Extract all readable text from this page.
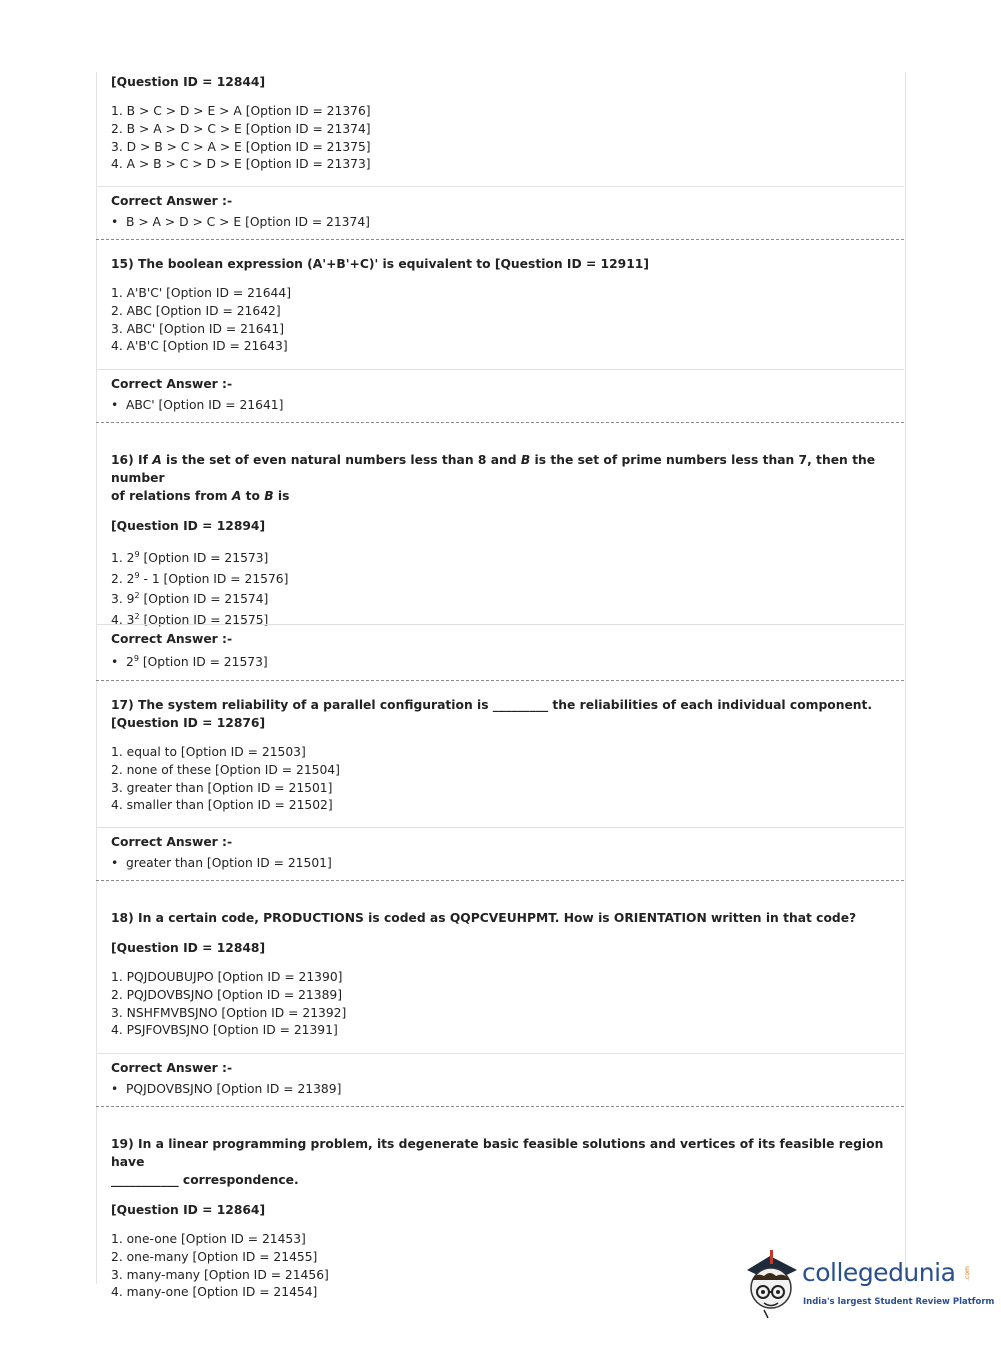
[Question ID = 12844]

1. B > C > D > E > A [Option ID = 21376]
2. B > A > D > C > E [Option ID = 21374]
3. D > B > C > A > E [Option ID = 21375]
4. A > B > C > D > E [Option ID = 21373]

Correct Answer :-

• B > A > D > C > E [Option ID = 21374]

15) The boolean expression (A'+B'+C)' is equivalent to [Question ID = 12911]

1. A'B'C' [Option ID = 21644]
2. ABC [Option ID = 21642]
3. ABC' [Option ID = 21641]
4. A'B'C [Option ID = 21643]

Correct Answer :-

• ABC' [Option ID = 21641]

16) If A is the set of even natural numbers less than 8 and B is the set of prime numbers less than 7, then the number
of relations from A to B is

[Question ID = 12894]

1. $2^9$ [Option ID = 21573]
2. $2^9 - 1$ [Option ID = 21576]
3. $9^2$ [Option ID = 21574]
4. $3^2$ [Option ID = 21575]

Correct Answer :-

• $2^9$ [Option ID = 21573]

17) The system reliability of a parallel configuration is _________ the reliabilities of each individual component.

[Question ID = 12876]

1. equal to [Option ID = 21503]
2. none of these [Option ID = 21504]
3. greater than [Option ID = 21501]
4. smaller than [Option ID = 21502]

Correct Answer :-

• greater than [Option ID = 21501]

18) In a certain code, PRODUCTIONS is coded as QQPCVEUHPMT. How is ORIENTATION written in that code?

[Question ID = 12848]

1. PQJDOUBUJPO [Option ID = 21390]
2. PQJDOVBSJNO [Option ID = 21389]
3. NSHFMVBSJNO [Option ID = 21392]
4. PSJFOVBSJNO [Option ID = 21391]

Correct Answer :-

• PQJDOVBSJNO [Option ID = 21389]

19) In a linear programming problem, its degenerate basic feasible solutions and vertices of its feasible region have
___________ correspondence.

[Question ID = 12864]

1. one-one [Option ID = 21453]
2. one-many [Option ID = 21455]
3. many-many [Option ID = 21456]
4. many-one [Option ID = 21454]
collegedunia .com
India's largest Student Review Platform
